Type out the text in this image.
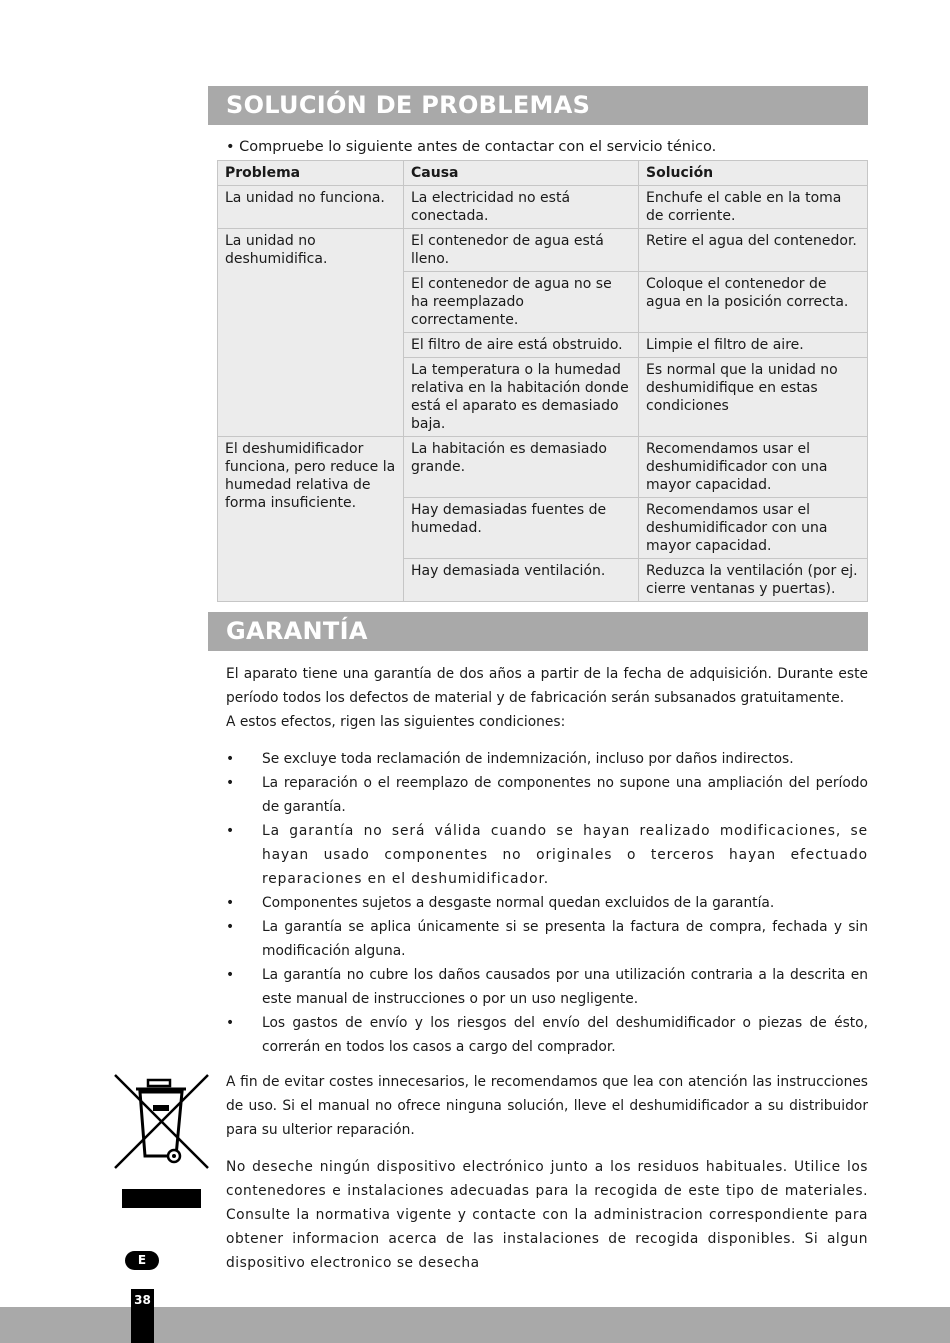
SOLUCIÓN DE PROBLEMAS
• Compruebe lo siguiente antes de contactar con el servicio ténico.
Problema	Causa	Solución
La unidad no funciona.	La electricidad no está conectada.	Enchufe el cable en la toma de corriente.
La unidad no deshumidifica.	El contenedor de agua está lleno.	Retire el agua del contenedor.
	El contenedor de agua no se ha reemplazado correctamente.	Coloque el contenedor de agua en la posición correcta.
	El filtro de aire está obstruido.	Limpie el filtro de aire.
	La temperatura o la humedad relativa en la habitación donde está el aparato es demasiado baja.	Es normal que la unidad no deshumidifique en estas condiciones
El deshumidificador funciona, pero reduce la humedad relativa de forma insuficiente.	La habitación es demasiado grande.	Recomendamos usar el deshumidificador con una mayor capacidad.
	Hay demasiadas fuentes de humedad.	Recomendamos usar el deshumidificador con una mayor capacidad.
	Hay demasiada ventilación.	Reduzca la ventilación (por ej. cierre ventanas y puertas).
GARANTÍA
El aparato tiene una garantía de dos años a partir de la fecha de adquisición. Durante este período todos los defectos de material y de fabricación serán subsanados gratuitamente.
A estos efectos, rigen las siguientes condiciones:
• Se excluye toda reclamación de indemnización, incluso por daños indirectos.
• La reparación o el reemplazo de componentes no supone una ampliación del período de garantía.
• La garantía no será válida cuando se hayan realizado modificaciones, se hayan usado componentes no originales o terceros hayan efectuado reparaciones en el deshumidificador.
• Componentes sujetos a desgaste normal quedan excluidos de la garantía.
• La garantía se aplica únicamente si se presenta la factura de compra, fechada y sin modificación alguna.
• La garantía no cubre los daños causados por una utilización contraria a la descrita en este manual de instrucciones o por un uso negligente.
• Los gastos de envío y los riesgos del envío del deshumidificador o piezas de ésto, correrán en todos los casos a cargo del comprador.
A fin de evitar costes innecesarios, le recomendamos que lea con atención las instrucciones de uso. Si el manual no ofrece ninguna solución, lleve el deshumidificador a su distribuidor para su ulterior reparación.
No deseche ningún dispositivo electrónico junto a los residuos habituales. Utilice los contenedores e instalaciones adecuadas para la recogida de este tipo de materiales. Consulte la normativa vigente y contacte con la administracion correspondiente para obtener informacion acerca de las instalaciones de recogida disponibles. Si algun dispositivo electronico se desecha
E
38
